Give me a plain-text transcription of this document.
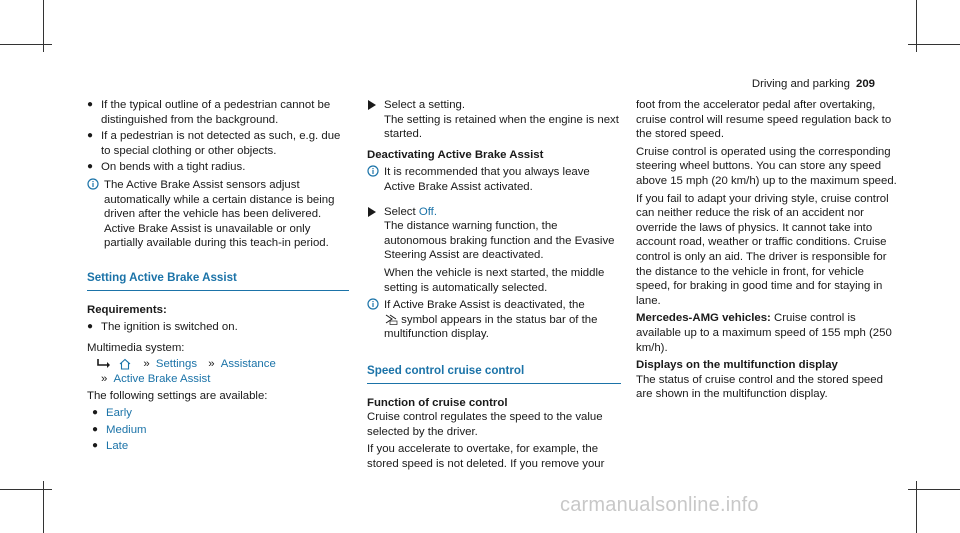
Driving and parking 209
● If the typical outline of a pedestrian cannot be distinguished from the background.
● If a pedestrian is not detected as such, e.g. due to special clothing or other objects.
● On bends with a tight radius.
The Active Brake Assist sensors adjust automatically while a certain distance is being driven after the vehicle has been delivered. Active Brake Assist is unavailable or only partially available during this teach-in period.
Setting Active Brake Assist

Requirements:

● The ignition is switched on.

Multimedia system:

» Settings » Assistance
» Active Brake Assist

The following settings are available:

● Early
● Medium
● Late
Select a setting.
The setting is retained when the engine is next started.

Deactivating Active Brake Assist

It is recommended that you always leave Active Brake Assist activated.
Select Off.
The distance warning function, the autonomous braking function and the Evasive Steering Assist are deactivated.
When the vehicle is next started, the middle setting is automatically selected.
If Active Brake Assist is deactivated, the
symbol appears in the status bar of the multifunction display.
Speed control cruise control

Function of cruise control

Cruise control regulates the speed to the value selected by the driver.

If you accelerate to overtake, for example, the stored speed is not deleted. If you remove your

foot from the accelerator pedal after overtaking, cruise control will resume speed regulation back to the stored speed.

Cruise control is operated using the corresponding steering wheel buttons. You can store any speed above 15 mph (20 km/h) up to the maximum speed.

If you fail to adapt your driving style, cruise control can neither reduce the risk of an accident nor override the laws of physics. It cannot take into account road, weather or traffic conditions. Cruise control is only an aid. The driver is responsible for the distance to the vehicle in front, for vehicle speed, for braking in good time and for staying in lane.

Mercedes-AMG vehicles: Cruise control is available up to a maximum speed of 155 mph (250 km/h).

Displays on the multifunction display

The status of cruise control and the stored speed are shown in the multifunction display.

carmanualsonline.info
